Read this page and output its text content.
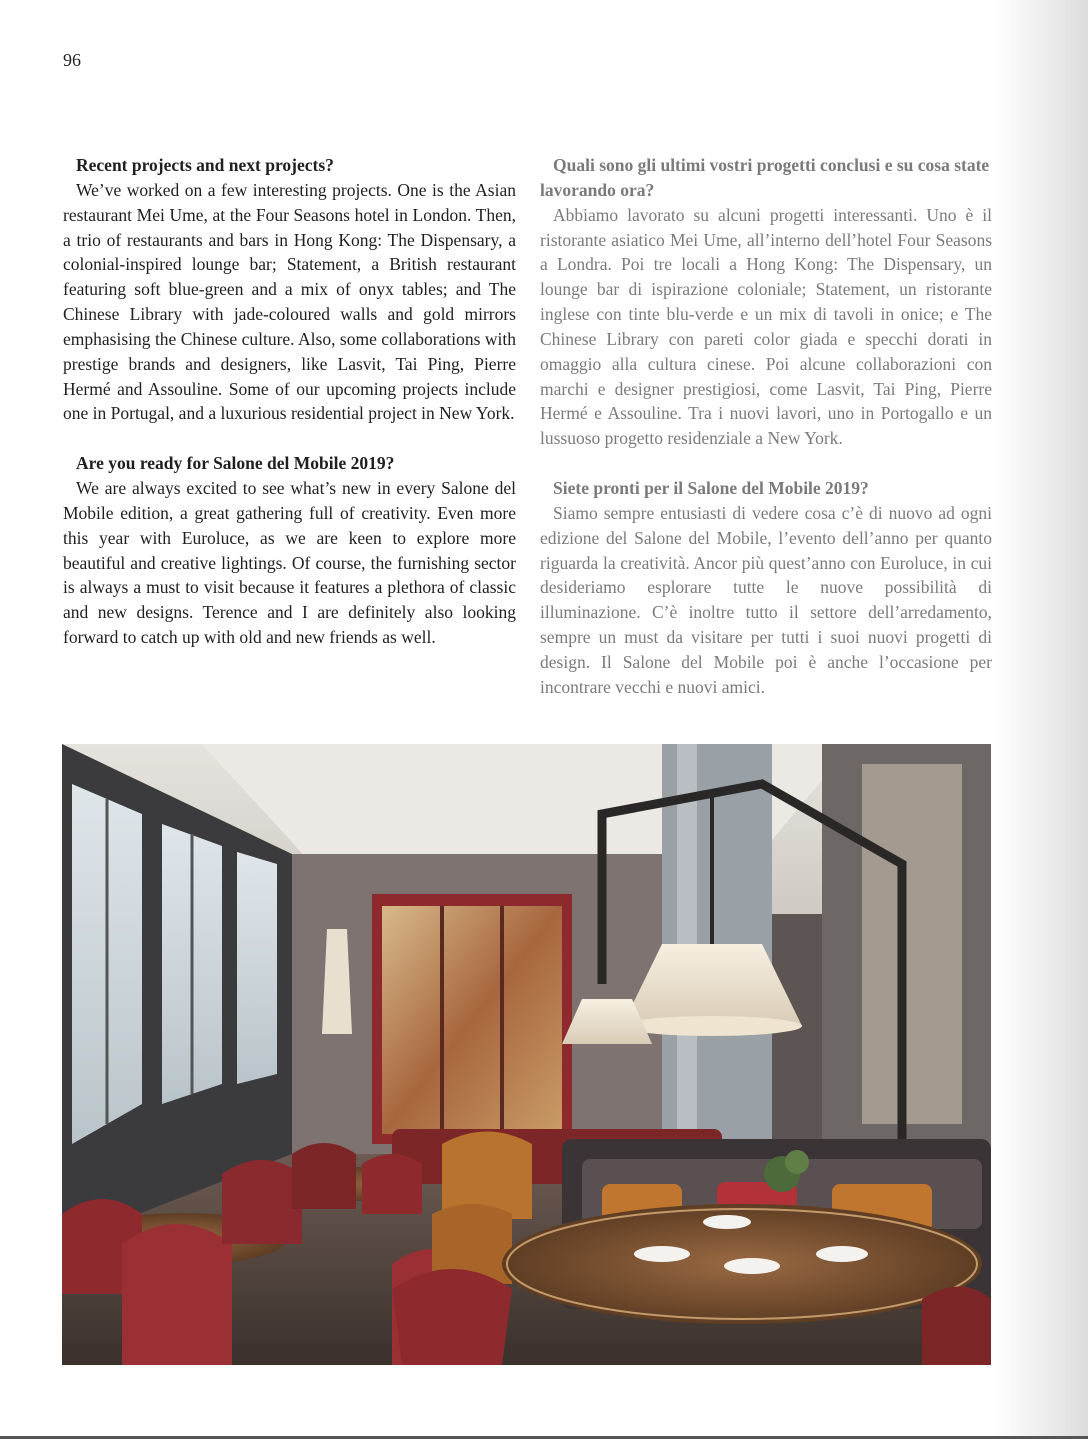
96

Recent projects and next projects?

We’ve worked on a few interesting projects. One is the Asian restaurant Mei Ume, at the Four Seasons hotel in London. Then, a trio of restaurants and bars in Hong Kong: The Dispensary, a colonial-inspired lounge bar; Statement, a British restaurant featuring soft blue-green and a mix of onyx tables; and The Chinese Library with jade-coloured walls and gold mirrors emphasising the Chinese culture. Also, some collaborations with prestige brands and designers, like Lasvit, Tai Ping, Pierre Hermé and Assouline. Some of our upcoming projects include one in Portugal, and a luxurious residential project in New York.

Are you ready for Salone del Mobile 2019?

We are always excited to see what’s new in every Salone del Mobile edition, a great gathering full of creativity. Even more this year with Euroluce, as we are keen to explore more beautiful and creative lightings. Of course, the furnishing sector is always a must to visit because it features a plethora of classic and new designs. Terence and I are definitely also looking forward to catch up with old and new friends as well.

Quali sono gli ultimi vostri progetti conclusi e su cosa state lavorando ora?

Abbiamo lavorato su alcuni progetti interessanti. Uno è il ristorante asiatico Mei Ume, all’interno dell’hotel Four Seasons a Londra. Poi tre locali a Hong Kong: The Dispensary, un lounge bar di ispirazione coloniale; Statement, un ristorante inglese con tinte blu-verde e un mix di tavoli in onice; e The Chinese Library con pareti color giada e specchi dorati in omaggio alla cultura cinese. Poi alcune collaborazioni con marchi e designer prestigiosi, come Lasvit, Tai Ping, Pierre Hermé e Assouline. Tra i nuovi lavori, uno in Portogallo e un lussuoso progetto residenziale a New York.

Siete pronti per il Salone del Mobile 2019?

Siamo sempre entusiasti di vedere cosa c’è di nuovo ad ogni edizione del Salone del Mobile, l’evento dell’anno per quanto riguarda la creatività. Ancor più quest’anno con Euroluce, in cui desideriamo esplorare tutte le nuove possibilità di illuminazione. C’è inoltre tutto il settore dell’arredamento, sempre un must da visitare per tutti i suoi nuovi progetti di design. Il Salone del Mobile poi è anche l’occasione per incontrare vecchi e nuovi amici.
